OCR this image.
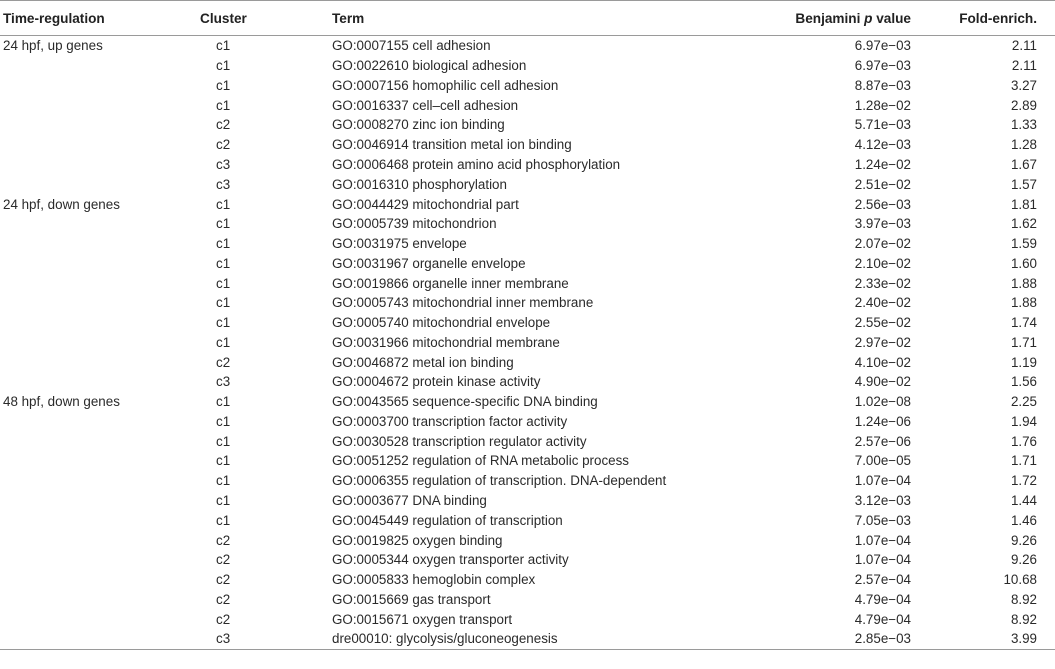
Time-regulation	Cluster	Term	Benjamini p value	Fold-enrich.
24 hpf, up genes	c1	GO:0007155 cell adhesion	6.97e−03	2.11
	c1	GO:0022610 biological adhesion	6.97e−03	2.11
	c1	GO:0007156 homophilic cell adhesion	8.87e−03	3.27
	c1	GO:0016337 cell–cell adhesion	1.28e−02	2.89
	c2	GO:0008270 zinc ion binding	5.71e−03	1.33
	c2	GO:0046914 transition metal ion binding	4.12e−03	1.28
	c3	GO:0006468 protein amino acid phosphorylation	1.24e−02	1.67
	c3	GO:0016310 phosphorylation	2.51e−02	1.57
24 hpf, down genes	c1	GO:0044429 mitochondrial part	2.56e−03	1.81
	c1	GO:0005739 mitochondrion	3.97e−03	1.62
	c1	GO:0031975 envelope	2.07e−02	1.59
	c1	GO:0031967 organelle envelope	2.10e−02	1.60
	c1	GO:0019866 organelle inner membrane	2.33e−02	1.88
	c1	GO:0005743 mitochondrial inner membrane	2.40e−02	1.88
	c1	GO:0005740 mitochondrial envelope	2.55e−02	1.74
	c1	GO:0031966 mitochondrial membrane	2.97e−02	1.71
	c2	GO:0046872 metal ion binding	4.10e−02	1.19
	c3	GO:0004672 protein kinase activity	4.90e−02	1.56
48 hpf, down genes	c1	GO:0043565 sequence-specific DNA binding	1.02e−08	2.25
	c1	GO:0003700 transcription factor activity	1.24e−06	1.94
	c1	GO:0030528 transcription regulator activity	2.57e−06	1.76
	c1	GO:0051252 regulation of RNA metabolic process	7.00e−05	1.71
	c1	GO:0006355 regulation of transcription. DNA-dependent	1.07e−04	1.72
	c1	GO:0003677 DNA binding	3.12e−03	1.44
	c1	GO:0045449 regulation of transcription	7.05e−03	1.46
	c2	GO:0019825 oxygen binding	1.07e−04	9.26
	c2	GO:0005344 oxygen transporter activity	1.07e−04	9.26
	c2	GO:0005833 hemoglobin complex	2.57e−04	10.68
	c2	GO:0015669 gas transport	4.79e−04	8.92
	c2	GO:0015671 oxygen transport	4.79e−04	8.92
	c3	dre00010: glycolysis/gluconeogenesis	2.85e−03	3.99
